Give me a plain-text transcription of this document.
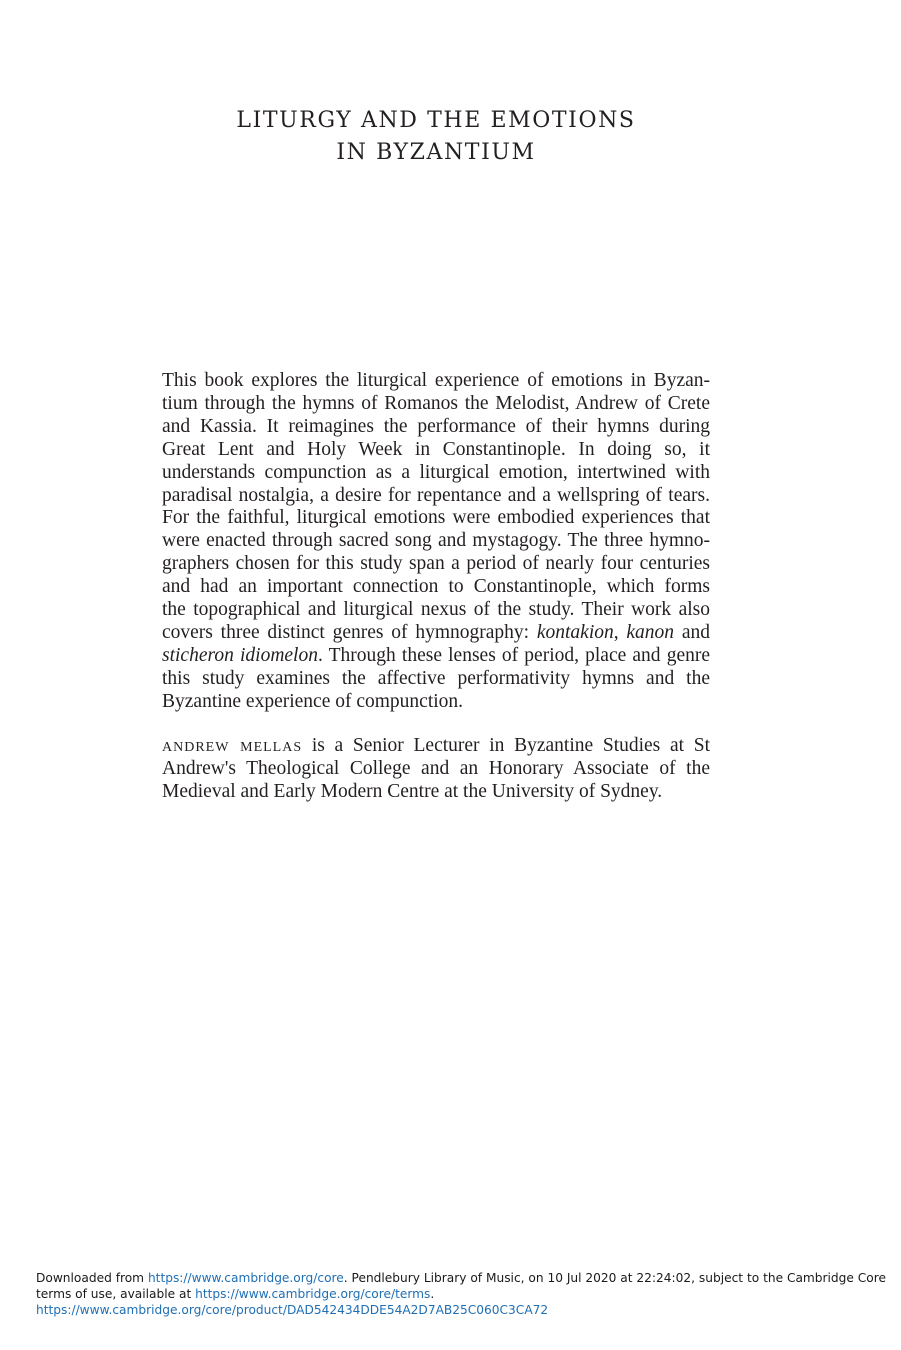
LITURGY AND THE EMOTIONS
IN BYZANTIUM
This book explores the liturgical experience of emotions in Byzan-
tium through the hymns of Romanos the Melodist, Andrew of Crete
and Kassia. It reimagines the performance of their hymns during
Great Lent and Holy Week in Constantinople. In doing so, it
understands compunction as a liturgical emotion, intertwined with
paradisal nostalgia, a desire for repentance and a wellspring of tears.
For the faithful, liturgical emotions were embodied experiences that
were enacted through sacred song and mystagogy. The three hymno-
graphers chosen for this study span a period of nearly four centuries
and had an important connection to Constantinople, which forms
the topographical and liturgical nexus of the study. Their work also
covers three distinct genres of hymnography: kontakion, kanon and
sticheron idiomelon. Through these lenses of period, place and genre
this study examines the affective performativity hymns and the
Byzantine experience of compunction.
andrew mellas is a Senior Lecturer in Byzantine Studies at St
Andrew's Theological College and an Honorary Associate of the
Medieval and Early Modern Centre at the University of Sydney.
Downloaded from https://www.cambridge.org/core. Pendlebury Library of Music, on 10 Jul 2020 at 22:24:02, subject to the Cambridge Core
terms of use, available at https://www.cambridge.org/core/terms.
https://www.cambridge.org/core/product/DAD542434DDE54A2D7AB25C060C3CA72
